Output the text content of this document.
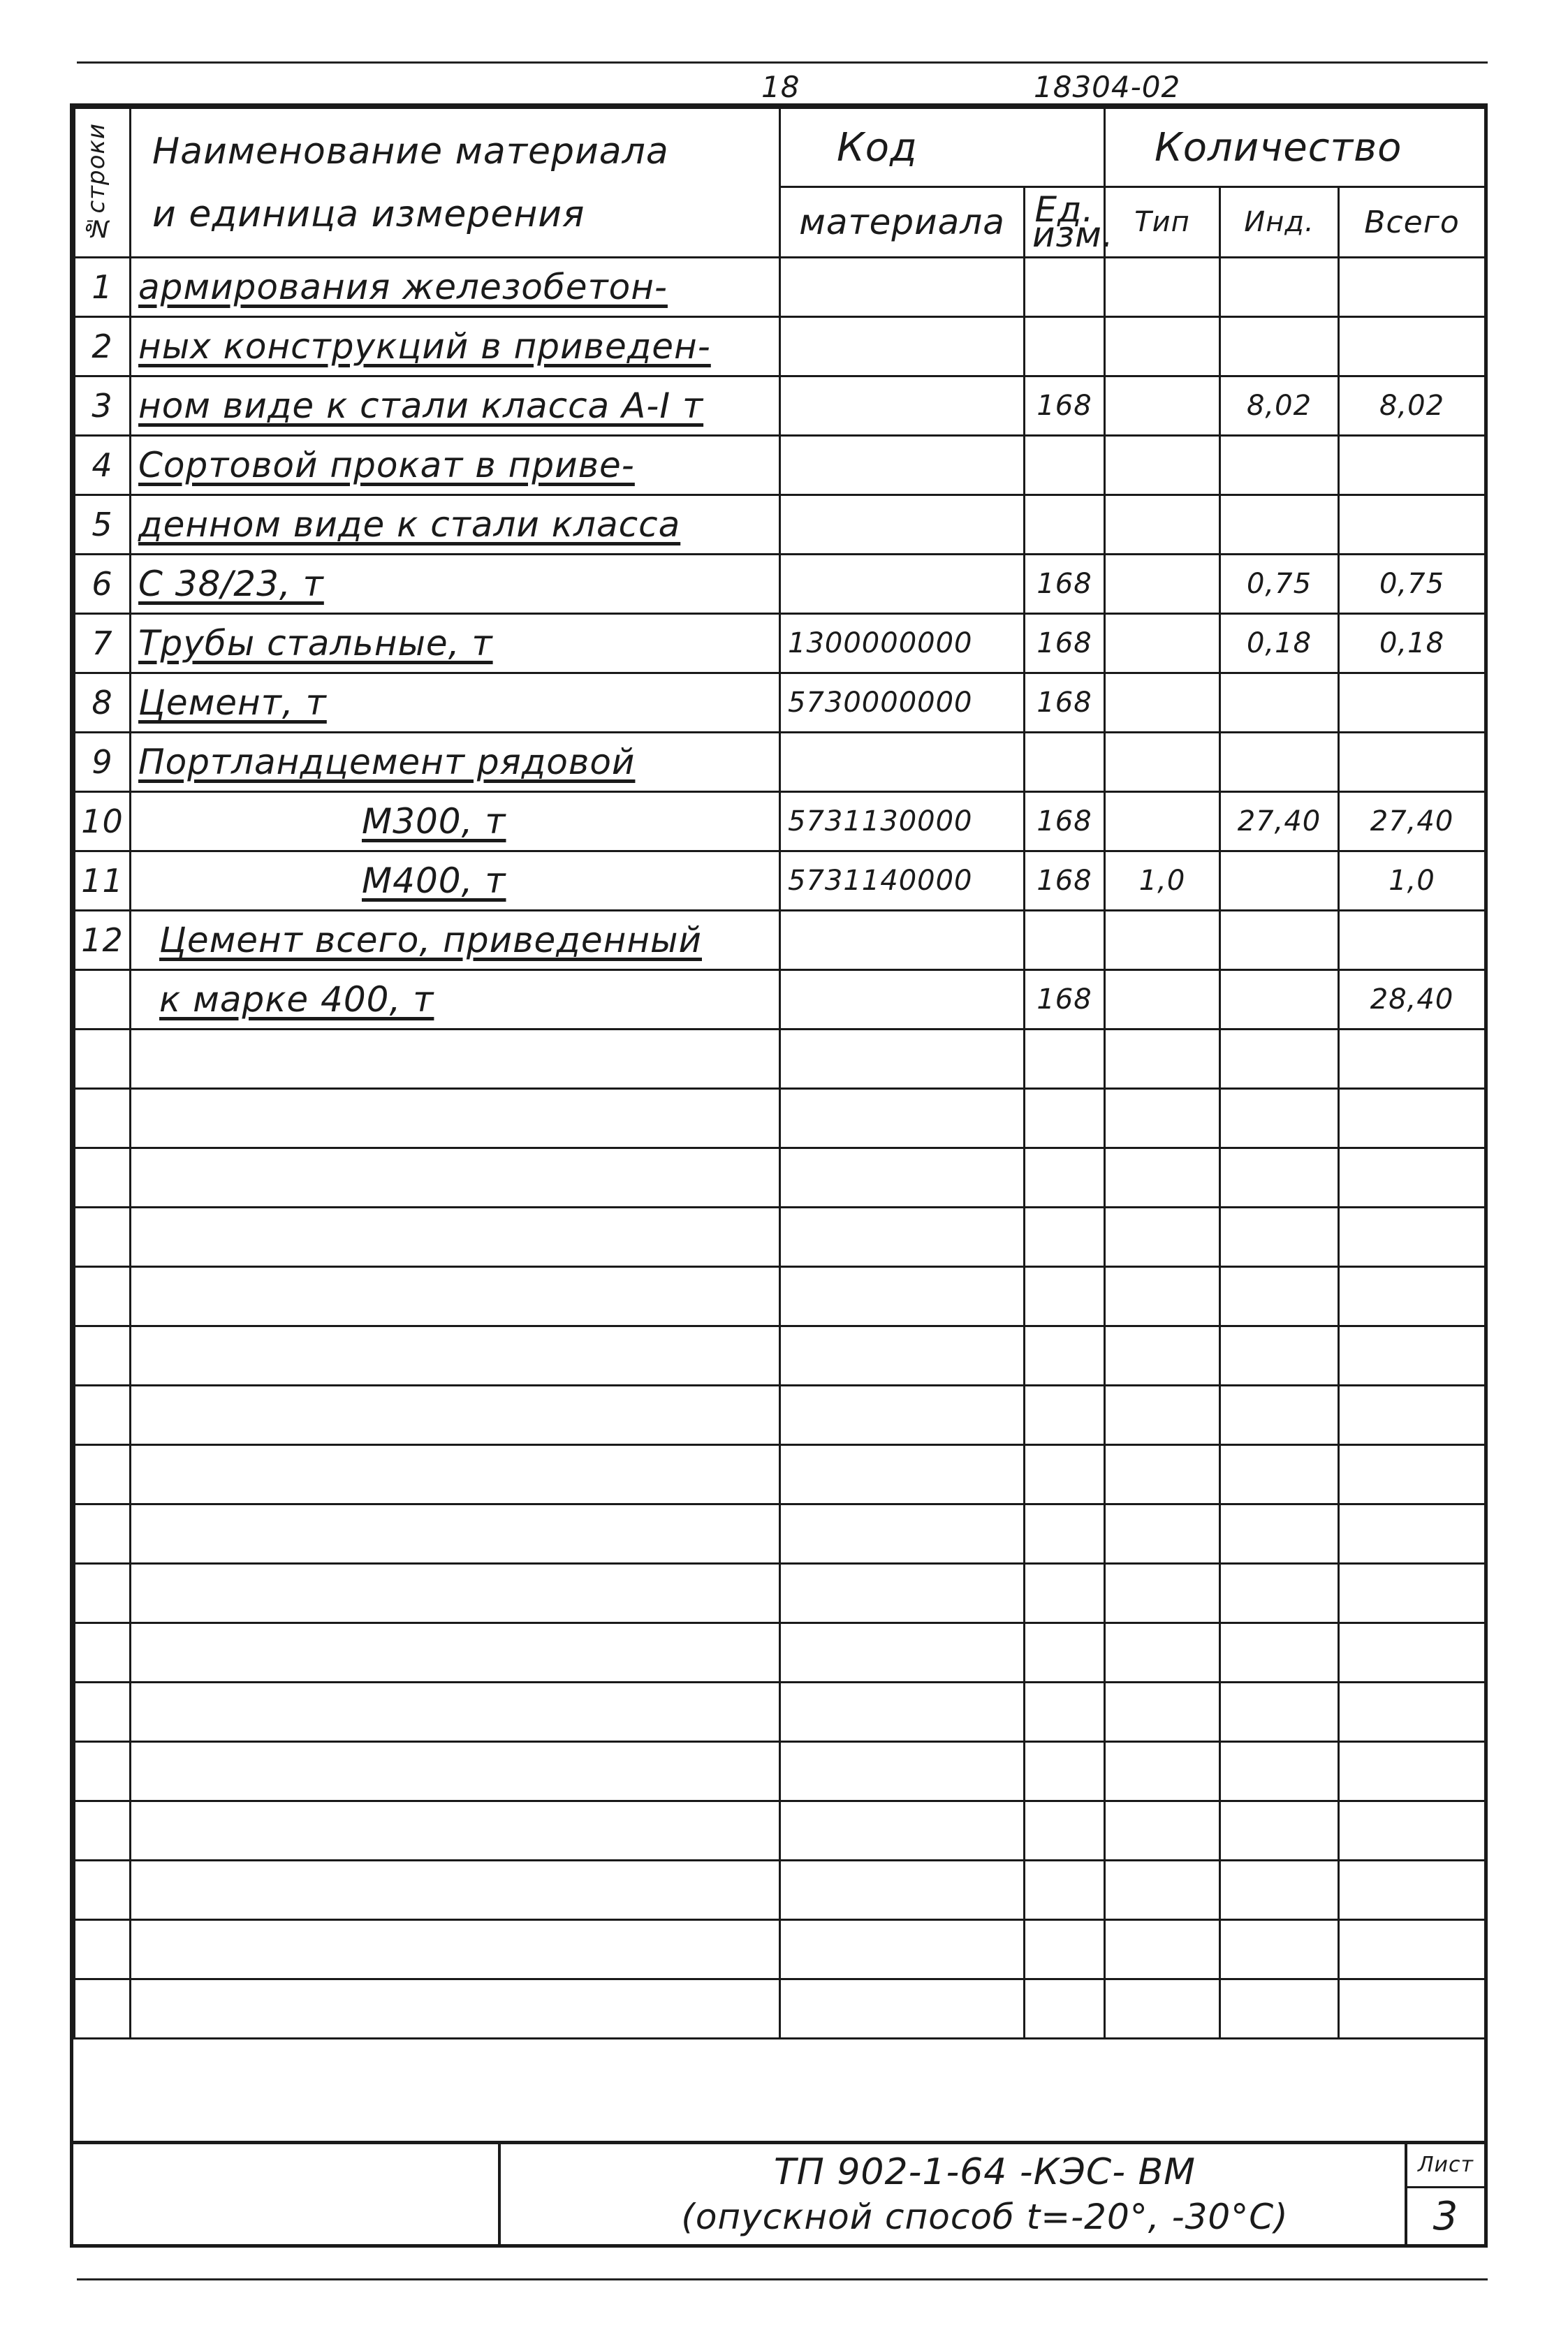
18	18304-02
№строки	Наименование материала
и единица измерения	Код		Количество		
		материала	Ед. изм.	Тип	Инд.	Всего
1	армирования железобетон-					
2	ных конструкций в приведен-					
3	ном виде к стали класса А-I т		168		8,02	8,02
4	Сортовой прокат в приве-					
5	денном виде к стали класса					
6	С 38/23, т		168		0,75	0,75
7	Трубы стальные, т	1300000000	168		0,18	0,18
8	Цемент, т	5730000000	168			
9	Портландцемент рядовой					
10	М300, т	5731130000	168		27,40	27,40
11	М400, т	5731140000	168	1,0		1,0
12	Цемент всего, приведенный					
	к марке 400, т		168			28,40

ТП 902-1-64 -КЭС- ВМ
(опускной способ t=-20°, -30°C)
Лист
3
